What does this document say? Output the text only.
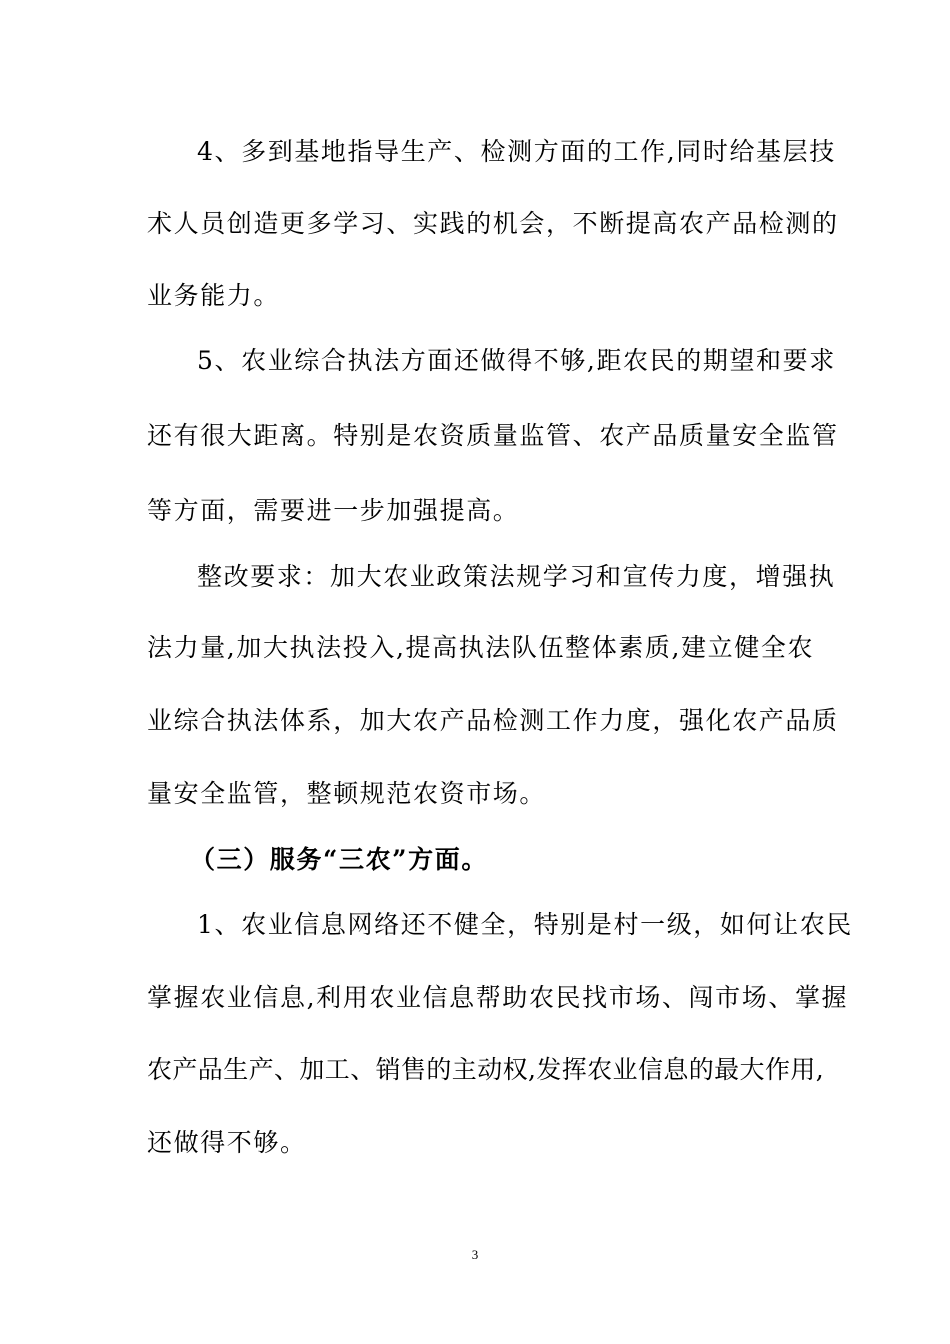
4、多到基地指导生产、检测方面的工作,同时给基层技
术人员创造更多学习、实践的机会，不断提高农产品检测的
业务能力。
5、农业综合执法方面还做得不够,距农民的期望和要求
还有很大距离。特别是农资质量监管、农产品质量安全监管
等方面，需要进一步加强提高。
整改要求：加大农业政策法规学习和宣传力度，增强执
法力量,加大执法投入,提高执法队伍整体素质,建立健全农
业综合执法体系，加大农产品检测工作力度，强化农产品质
量安全监管，整顿规范农资市场。
（三）服务“三农”方面。
1、农业信息网络还不健全，特别是村一级，如何让农民
掌握农业信息,利用农业信息帮助农民找市场、闯市场、掌握
农产品生产、加工、销售的主动权,发挥农业信息的最大作用,
还做得不够。
3
